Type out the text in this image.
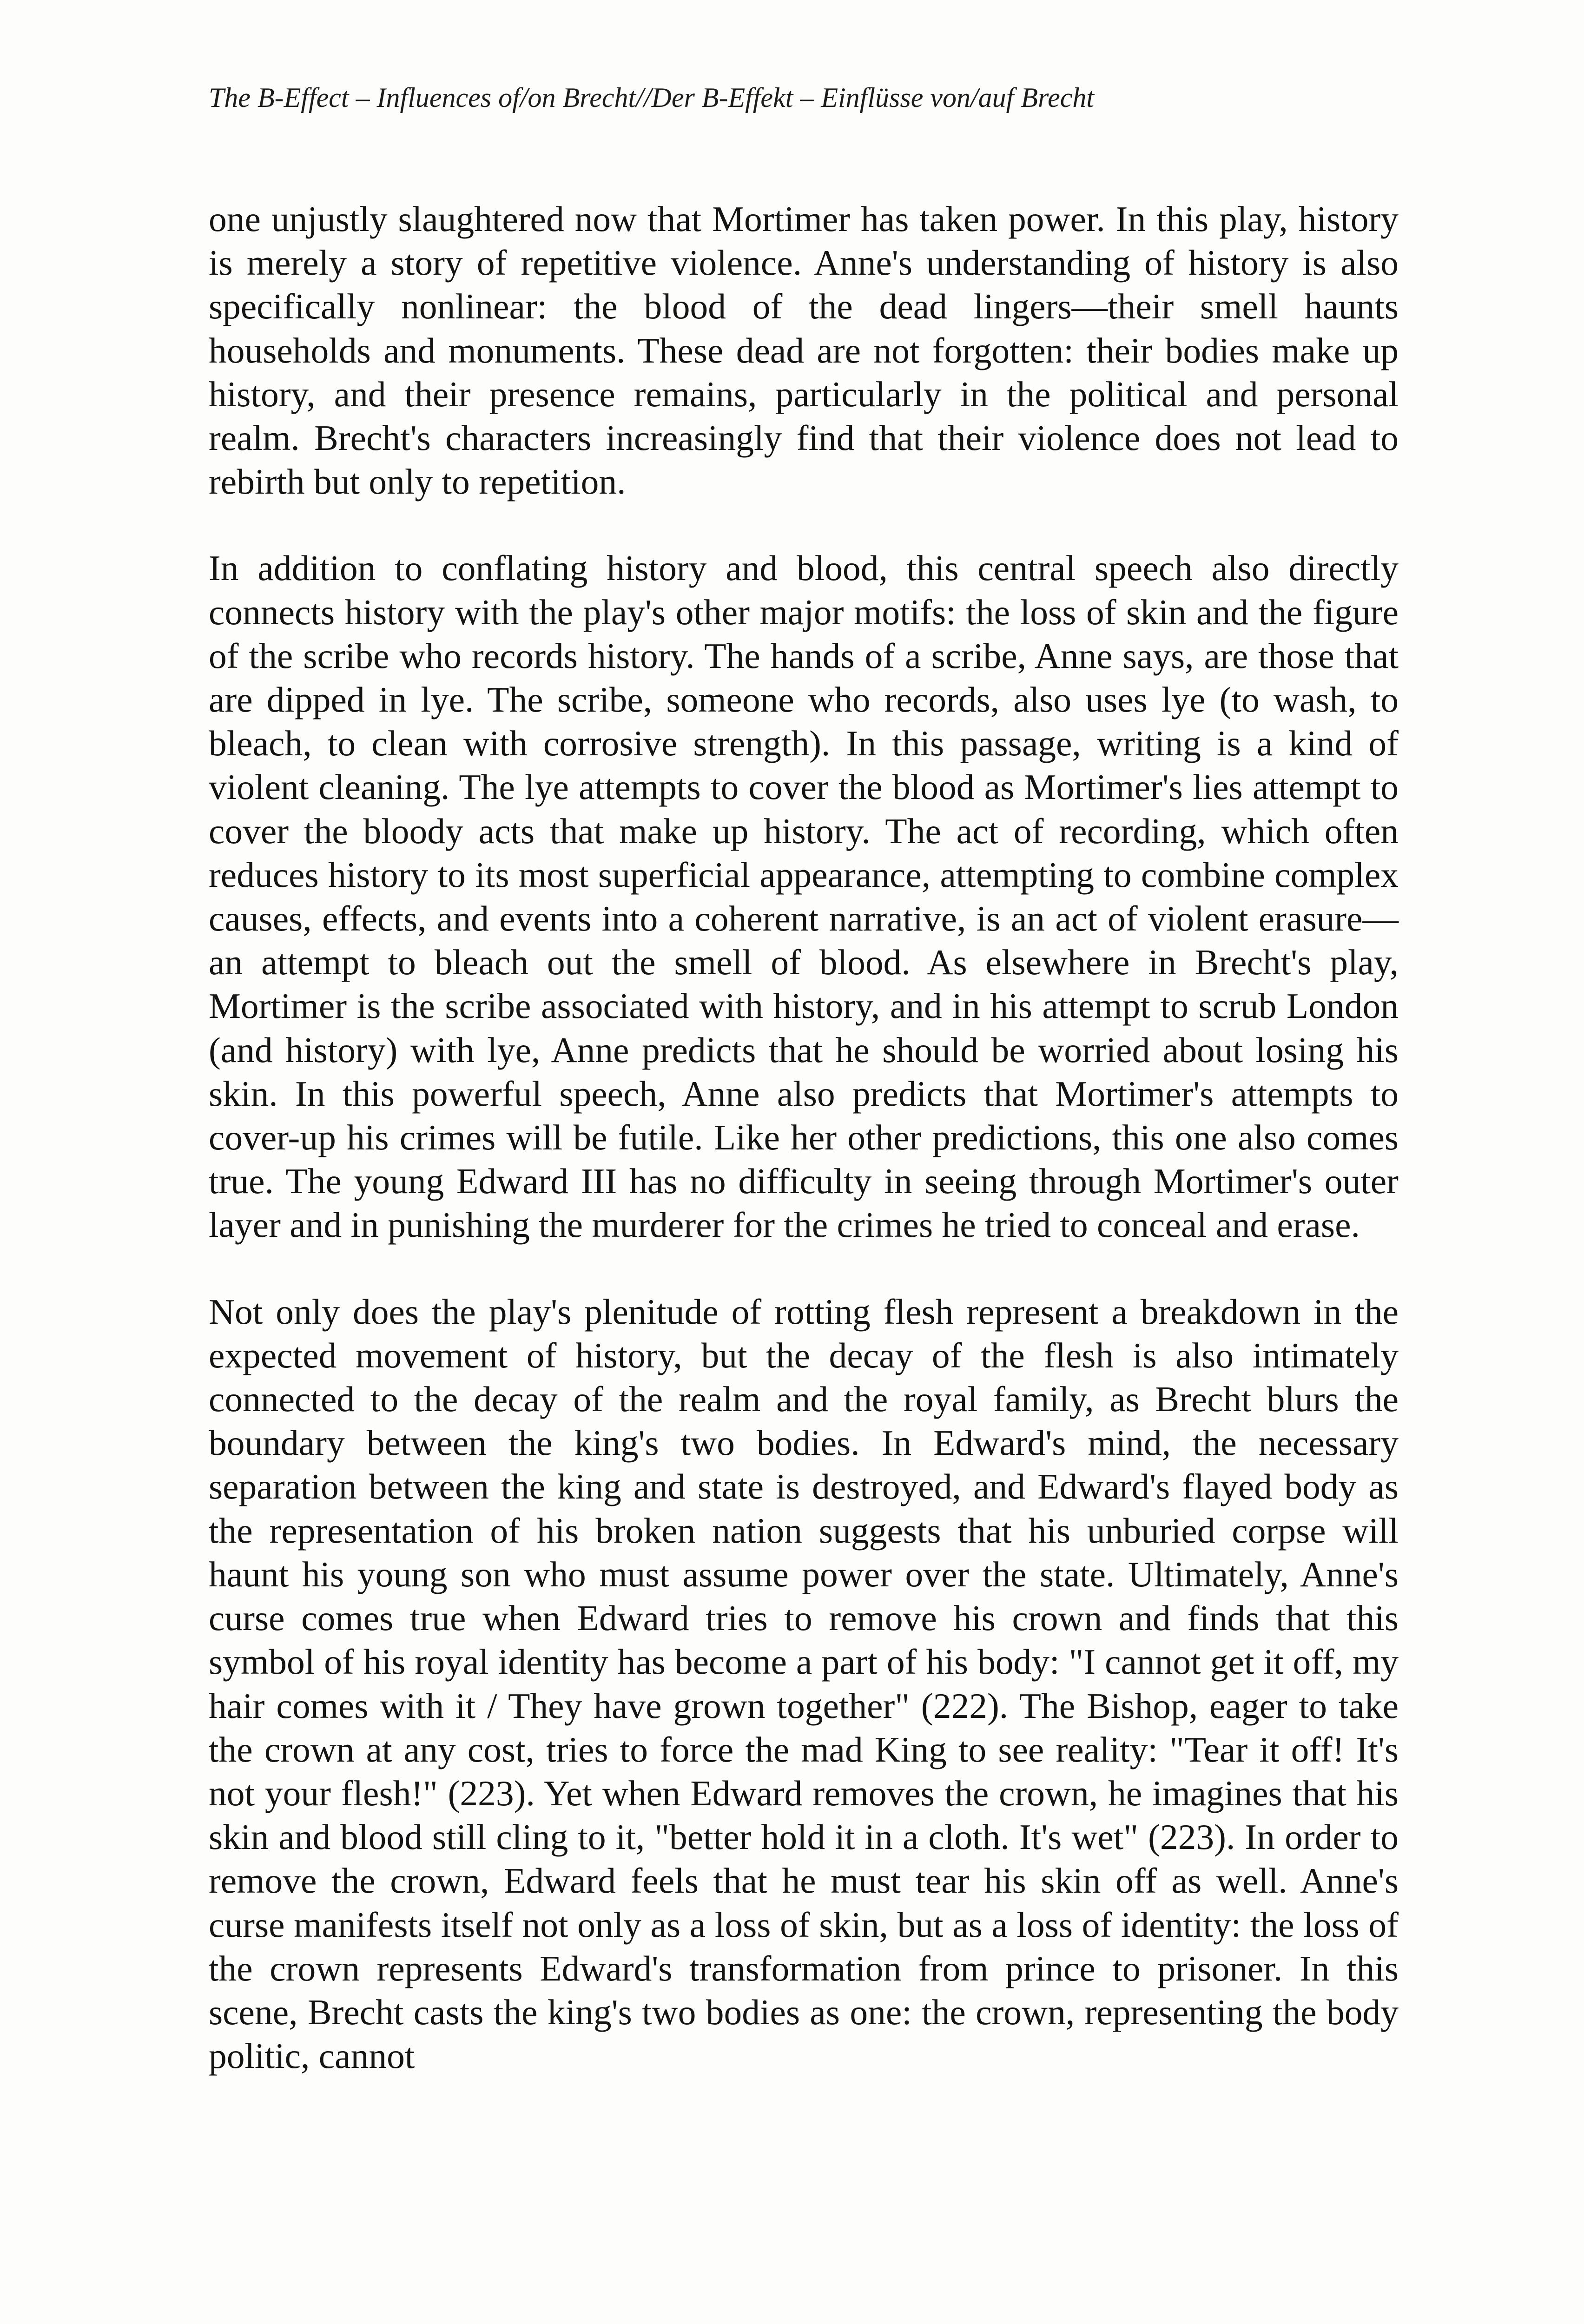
The B-Effect – Influences of/on Brecht//Der B-Effekt – Einflüsse von/auf Brecht

one unjustly slaughtered now that Mortimer has taken power. In this play, history is merely a story of repetitive violence. Anne's understanding of history is also specifically nonlinear: the blood of the dead lingers—their smell haunts households and monuments. These dead are not forgotten: their bodies make up history, and their presence remains, particularly in the political and personal realm. Brecht's characters increasingly find that their violence does not lead to rebirth but only to repetition.

In addition to conflating history and blood, this central speech also directly connects history with the play's other major motifs: the loss of skin and the figure of the scribe who records history. The hands of a scribe, Anne says, are those that are dipped in lye. The scribe, someone who records, also uses lye (to wash, to bleach, to clean with corrosive strength). In this passage, writing is a kind of violent cleaning. The lye attempts to cover the blood as Mortimer's lies attempt to cover the bloody acts that make up history. The act of recording, which often reduces history to its most superficial appearance, attempting to combine complex causes, effects, and events into a coherent narrative, is an act of violent erasure—an attempt to bleach out the smell of blood. As elsewhere in Brecht's play, Mortimer is the scribe associated with history, and in his attempt to scrub London (and history) with lye, Anne predicts that he should be worried about losing his skin. In this powerful speech, Anne also predicts that Mortimer's attempts to cover-up his crimes will be futile. Like her other predictions, this one also comes true. The young Edward III has no difficulty in seeing through Mortimer's outer layer and in punishing the murderer for the crimes he tried to conceal and erase.

Not only does the play's plenitude of rotting flesh represent a breakdown in the expected movement of history, but the decay of the flesh is also intimately connected to the decay of the realm and the royal family, as Brecht blurs the boundary between the king's two bodies. In Edward's mind, the necessary separation between the king and state is destroyed, and Edward's flayed body as the representation of his broken nation suggests that his unburied corpse will haunt his young son who must assume power over the state. Ultimately, Anne's curse comes true when Edward tries to remove his crown and finds that this symbol of his royal identity has become a part of his body: "I cannot get it off, my hair comes with it / They have grown together" (222). The Bishop, eager to take the crown at any cost, tries to force the mad King to see reality: "Tear it off! It's not your flesh!" (223). Yet when Edward removes the crown, he imagines that his skin and blood still cling to it, "better hold it in a cloth. It's wet" (223). In order to remove the crown, Edward feels that he must tear his skin off as well. Anne's curse manifests itself not only as a loss of skin, but as a loss of identity: the loss of the crown represents Edward's transformation from prince to prisoner. In this scene, Brecht casts the king's two bodies as one: the crown, representing the body politic, cannot
